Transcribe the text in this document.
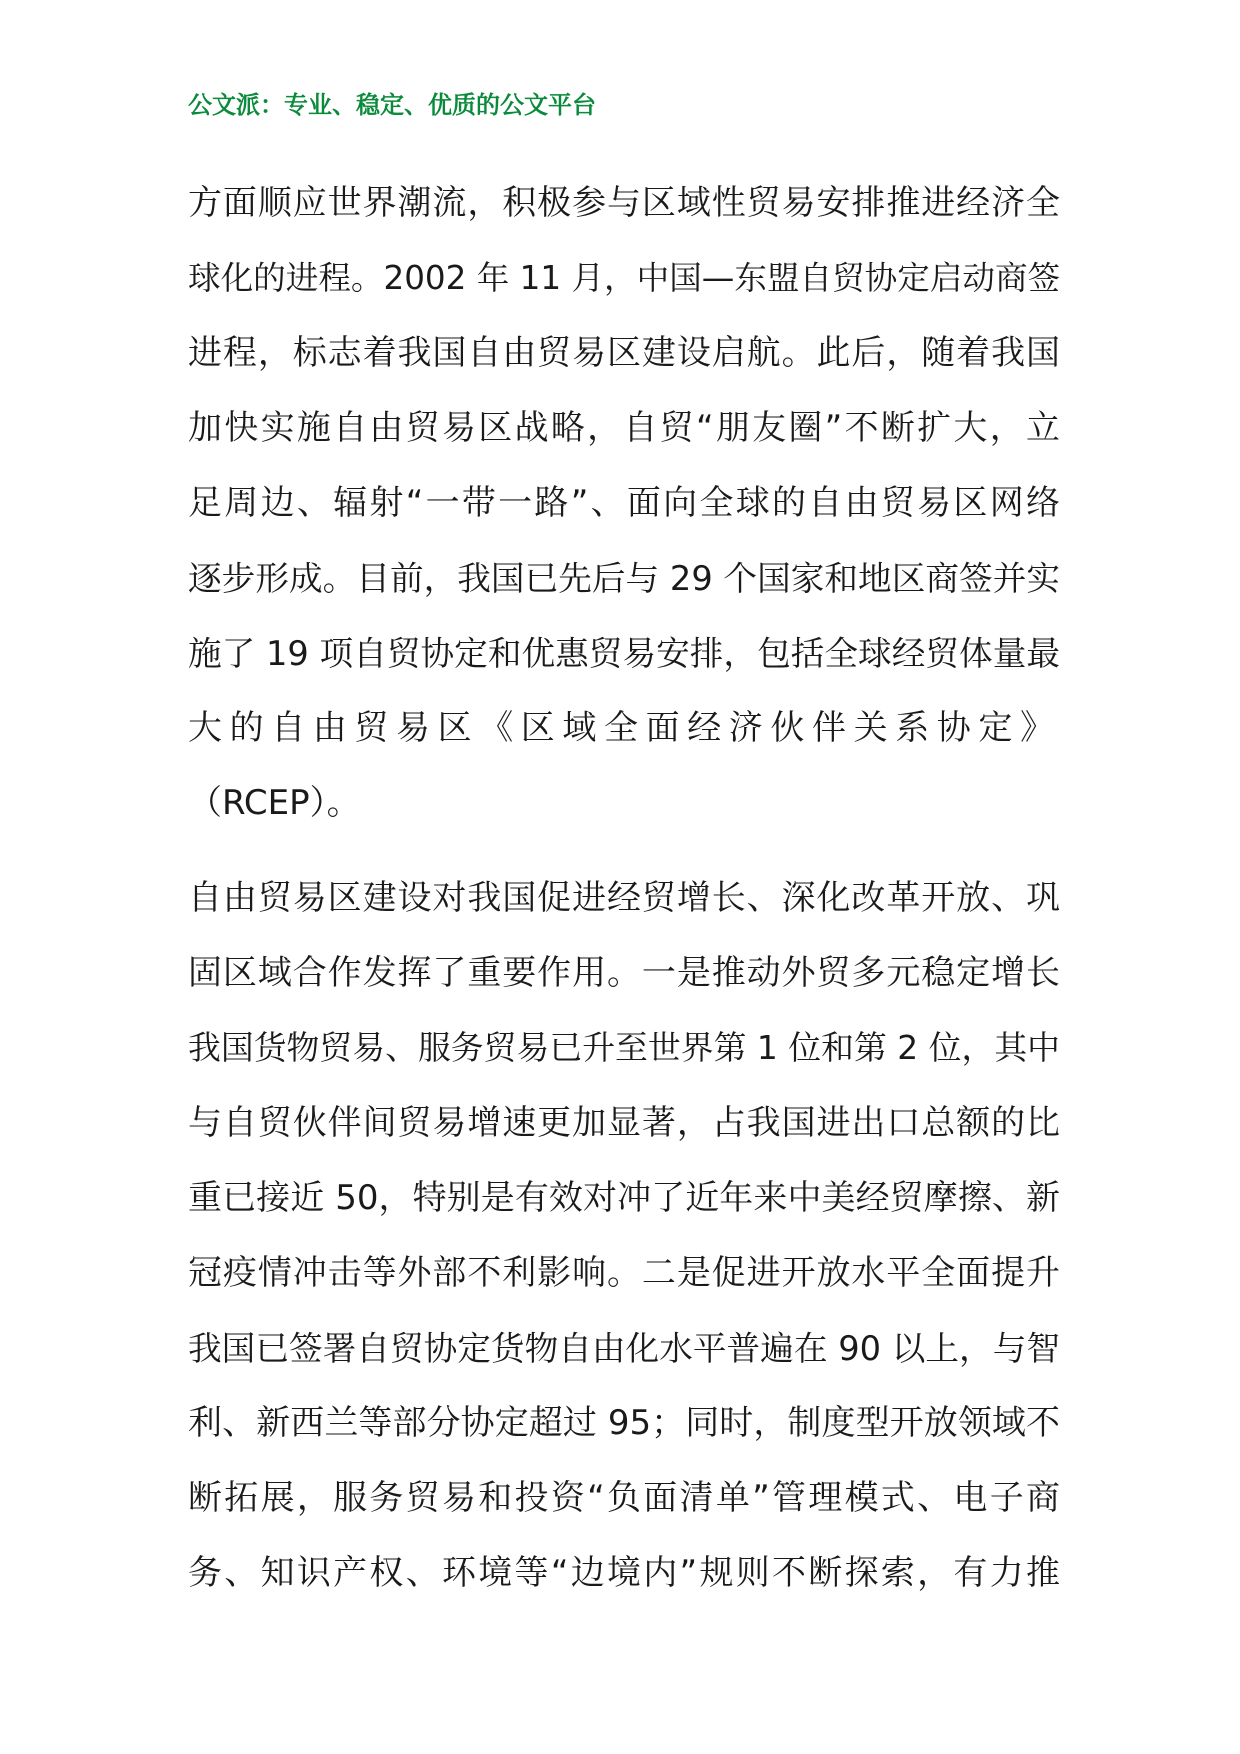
公文派：专业、稳定、优质的公文平台
方面顺应世界潮流，积极参与区域性贸易安排推进经济全
球化的进程。2002 年 11 月，中国—东盟自贸协定启动商签
进程，标志着我国自由贸易区建设启航。此后，随着我国
加快实施自由贸易区战略，自贸“朋友圈”不断扩大，立
足周边、辐射“一带一路”、面向全球的自由贸易区网络
逐步形成。目前，我国已先后与 29 个国家和地区商签并实
施了 19 项自贸协定和优惠贸易安排，包括全球经贸体量最
大的自由贸易区《区域全面经济伙伴关系协定》
（RCEP）。
自由贸易区建设对我国促进经贸增长、深化改革开放、巩
固区域合作发挥了重要作用。一是推动外贸多元稳定增长
我国货物贸易、服务贸易已升至世界第 1 位和第 2 位，其中
与自贸伙伴间贸易增速更加显著，占我国进出口总额的比
重已接近 50，特别是有效对冲了近年来中美经贸摩擦、新
冠疫情冲击等外部不利影响。二是促进开放水平全面提升
我国已签署自贸协定货物自由化水平普遍在 90 以上，与智
利、新西兰等部分协定超过 95；同时，制度型开放领域不
断拓展，服务贸易和投资“负面清单”管理模式、电子商
务、知识产权、环境等“边境内”规则不断探索，有力推
